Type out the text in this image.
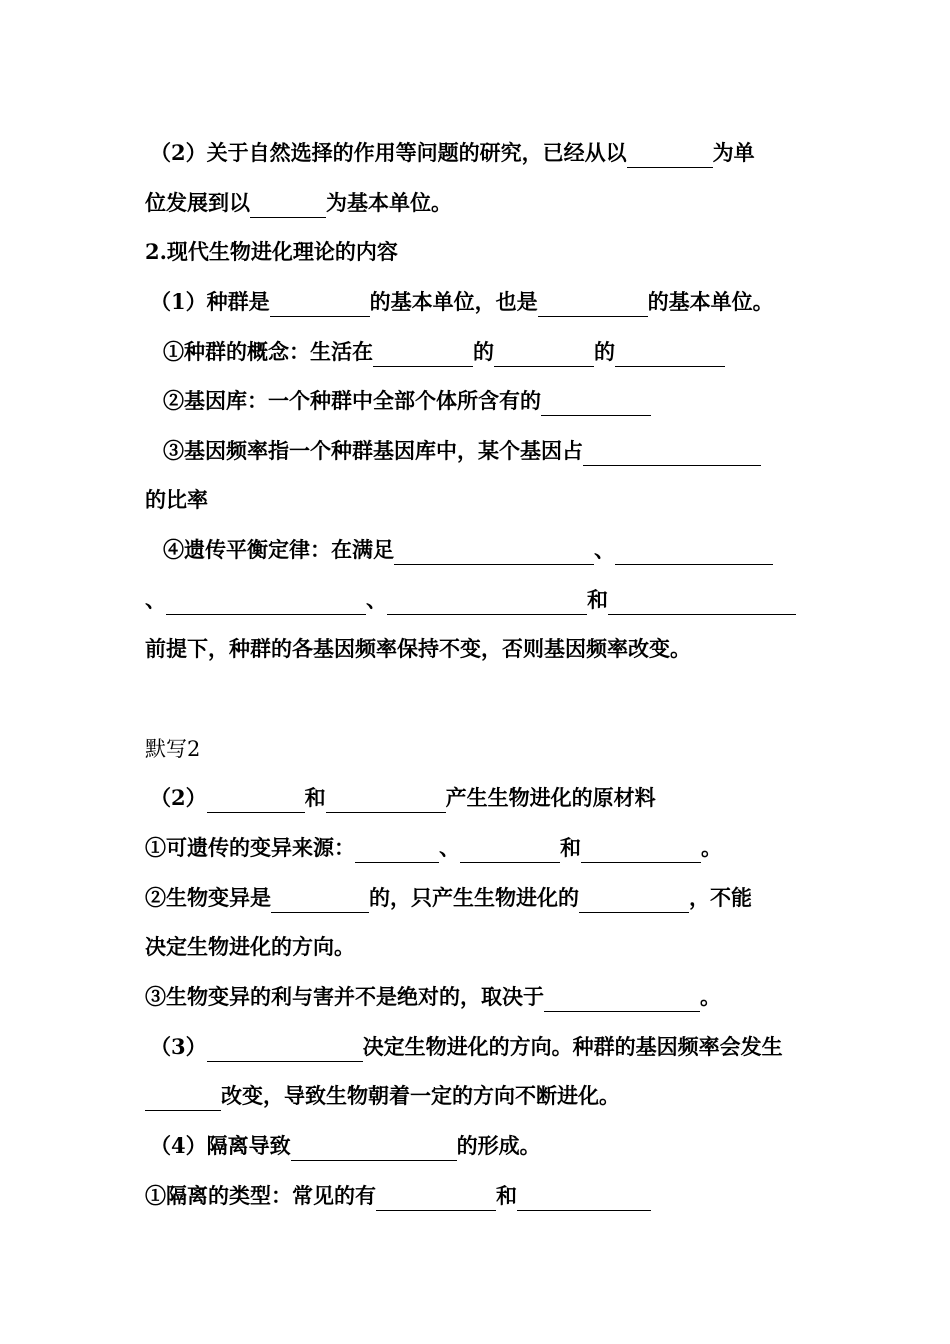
（2）关于自然选择的作用等问题的研究，已经从以	为单
位发展到以	为基本单位。
2.现代生物进化理论的内容
（1）种群是	的基本单位，也是	的基本单位。
①种群的概念：生活在	的	的
②基因库：一个种群中全部个体所含有的
③基因频率指一个种群基因库中，某个基因占
的比率
④遗传平衡定律：在满足	、
、	、	和
前提下，种群的各基因频率保持不变，否则基因频率改变。
默写2
（2）	和	产生生物进化的原材料
①可遗传的变异来源：	、	和	。
②生物变异是	的，只产生生物进化的	，不能
决定生物进化的方向。
③生物变异的利与害并不是绝对的，取决于	。
（3）	决定生物进化的方向。种群的基因频率会发生
改变，导致生物朝着一定的方向不断进化。
（4）隔离导致	的形成。
①隔离的类型：常见的有	和
